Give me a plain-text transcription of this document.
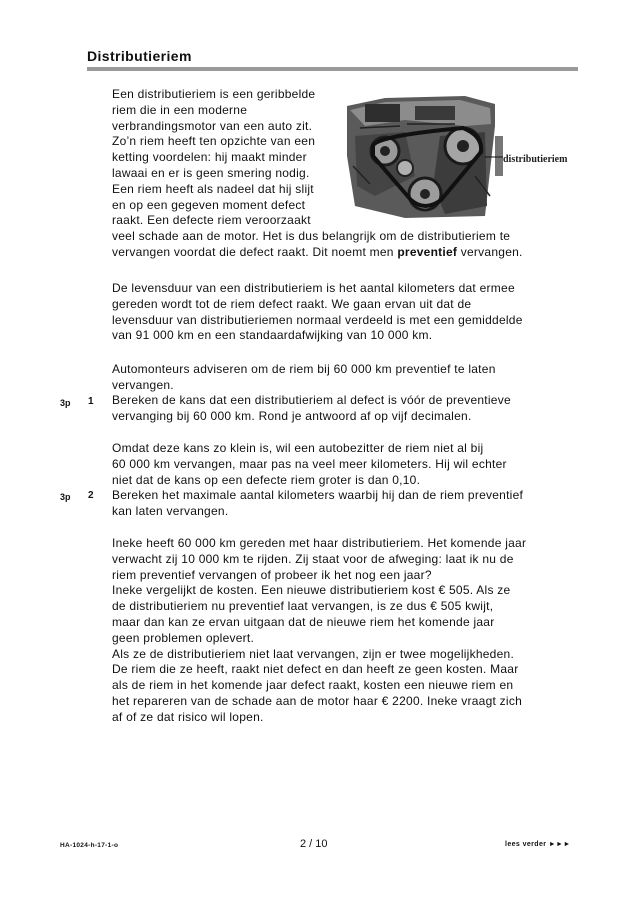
Distributieriem
distributieriem
Een distributieriem is een geribbelde
riem die in een moderne
verbrandingsmotor van een auto zit.
Zo’n riem heeft ten opzichte van een
ketting voordelen: hij maakt minder
lawaai en er is geen smering nodig.
Een riem heeft als nadeel dat hij slijt
en op een gegeven moment defect
raakt. Een defecte riem veroorzaakt
veel schade aan de motor. Het is dus belangrijk om de distributieriem te
vervangen voordat die defect raakt. Dit noemt men preventief vervangen.
De levensduur van een distributieriem is het aantal kilometers dat ermee
gereden wordt tot de riem defect raakt. We gaan ervan uit dat de
levensduur van distributieriemen normaal verdeeld is met een gemiddelde
van 91 000 km en een standaardafwijking van 10 000 km.
Automonteurs adviseren om de riem bij 60 000 km preventief te laten
vervangen.
3p 1 Bereken de kans dat een distributieriem al defect is vóór de preventieve
vervanging bij 60 000 km. Rond je antwoord af op vijf decimalen.
Omdat deze kans zo klein is, wil een autobezitter de riem niet al bij
60 000 km vervangen, maar pas na veel meer kilometers. Hij wil echter
niet dat de kans op een defecte riem groter is dan 0,10.
3p 2 Bereken het maximale aantal kilometers waarbij hij dan de riem preventief
kan laten vervangen.
Ineke heeft 60 000 km gereden met haar distributieriem. Het komende jaar
verwacht zij 10 000 km te rijden. Zij staat voor de afweging: laat ik nu de
riem preventief vervangen of probeer ik het nog een jaar?
Ineke vergelijkt de kosten. Een nieuwe distributieriem kost € 505. Als ze
de distributieriem nu preventief laat vervangen, is ze dus € 505 kwijt,
maar dan kan ze ervan uitgaan dat de nieuwe riem het komende jaar
geen problemen oplevert.
Als ze de distributieriem niet laat vervangen, zijn er twee mogelijkheden.
De riem die ze heeft, raakt niet defect en dan heeft ze geen kosten. Maar
als de riem in het komende jaar defect raakt, kosten een nieuwe riem en
het repareren van de schade aan de motor haar € 2200. Ineke vraagt zich
af of ze dat risico wil lopen.
HA-1024-h-17-1-o	2 / 10	lees verder ►►►
